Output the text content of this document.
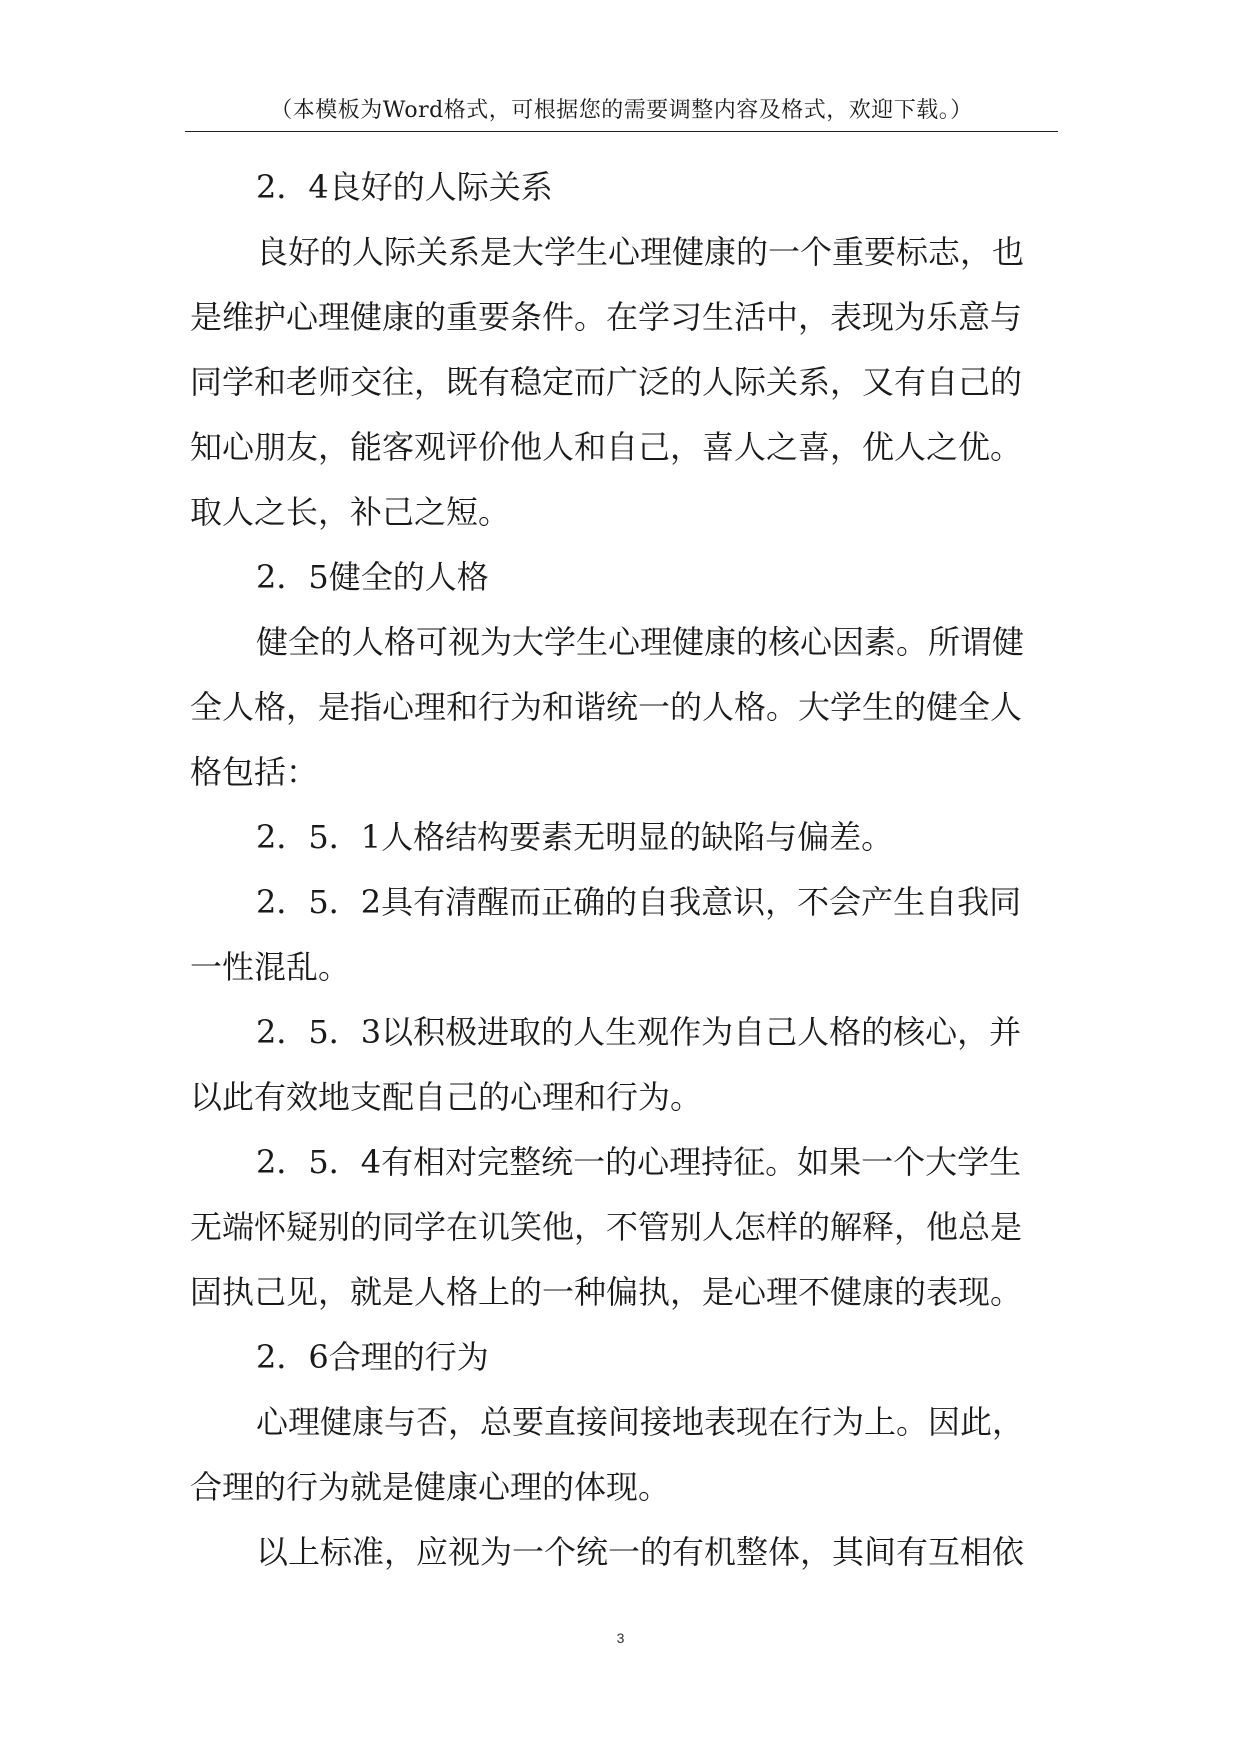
（本模板为Word格式，可根据您的需要调整内容及格式，欢迎下载。）
2．4良好的人际关系
良好的人际关系是大学生心理健康的一个重要标志，也
是维护心理健康的重要条件。在学习生活中，表现为乐意与
同学和老师交往，既有稳定而广泛的人际关系，又有自己的
知心朋友，能客观评价他人和自己，喜人之喜，优人之优。
取人之长，补己之短。
2．5健全的人格
健全的人格可视为大学生心理健康的核心因素。所谓健
全人格，是指心理和行为和谐统一的人格。大学生的健全人
格包括：
2．5．1人格结构要素无明显的缺陷与偏差。
2．5．2具有清醒而正确的自我意识，不会产生自我同
一性混乱。
2．5．3以积极进取的人生观作为自己人格的核心，并
以此有效地支配自己的心理和行为。
2．5．4有相对完整统一的心理持征。如果一个大学生
无端怀疑别的同学在讥笑他，不管别人怎样的解释，他总是
固执己见，就是人格上的一种偏执，是心理不健康的表现。
2．6合理的行为
心理健康与否，总要直接间接地表现在行为上。因此，
合理的行为就是健康心理的体现。
以上标准，应视为一个统一的有机整体，其间有互相依
3
